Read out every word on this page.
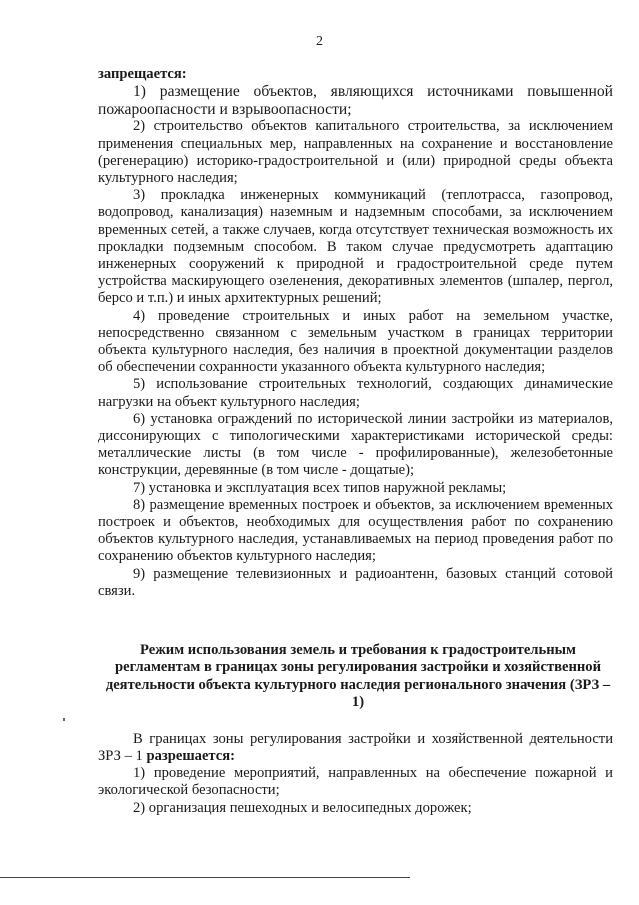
2

запрещается:

1) размещение объектов, являющихся источниками повышенной пожароопасности и взрывоопасности;

2) строительство объектов капитального строительства, за исключением применения специальных мер, направленных на сохранение и восстановление (регенерацию) историко-градостроительной и (или) природной среды объекта культурного наследия;

3) прокладка инженерных коммуникаций (теплотрасса, газопровод, водопровод, канализация) наземным и надземным способами, за исключением временных сетей, а также случаев, когда отсутствует техническая возможность их прокладки подземным способом. В таком случае предусмотреть адаптацию инженерных сооружений к природной и градостроительной среде путем устройства маскирующего озеленения, декоративных элементов (шпалер, пергол, берсо и т.п.) и иных архитектурных решений;

4) проведение строительных и иных работ на земельном участке, непосредственно связанном с земельным участком в границах территории объекта культурного наследия, без наличия в проектной документации разделов об обеспечении сохранности указанного объекта культурного наследия;

5) использование строительных технологий, создающих динамические нагрузки на объект культурного наследия;

6) установка ограждений по исторической линии застройки из материалов, диссонирующих с типологическими характеристиками исторической среды: металлические листы (в том числе - профилированные), железобетонные конструкции, деревянные (в том числе - дощатые);

7) установка и эксплуатация всех типов наружной рекламы;

8) размещение временных построек и объектов, за исключением временных построек и объектов, необходимых для осуществления работ по сохранению объектов культурного наследия, устанавливаемых на период проведения работ по сохранению объектов культурного наследия;

9) размещение телевизионных и радиоантенн, базовых станций сотовой связи.

Режим использования земель и требования к градостроительным регламентам в границах зоны регулирования застройки и хозяйственной деятельности объекта культурного наследия регионального значения (ЗРЗ – 1)

В границах зоны регулирования застройки и хозяйственной деятельности ЗРЗ – 1 разрешается:

1) проведение мероприятий, направленных на обеспечение пожарной и экологической безопасности;

2) организация пешеходных и велосипедных дорожек;
